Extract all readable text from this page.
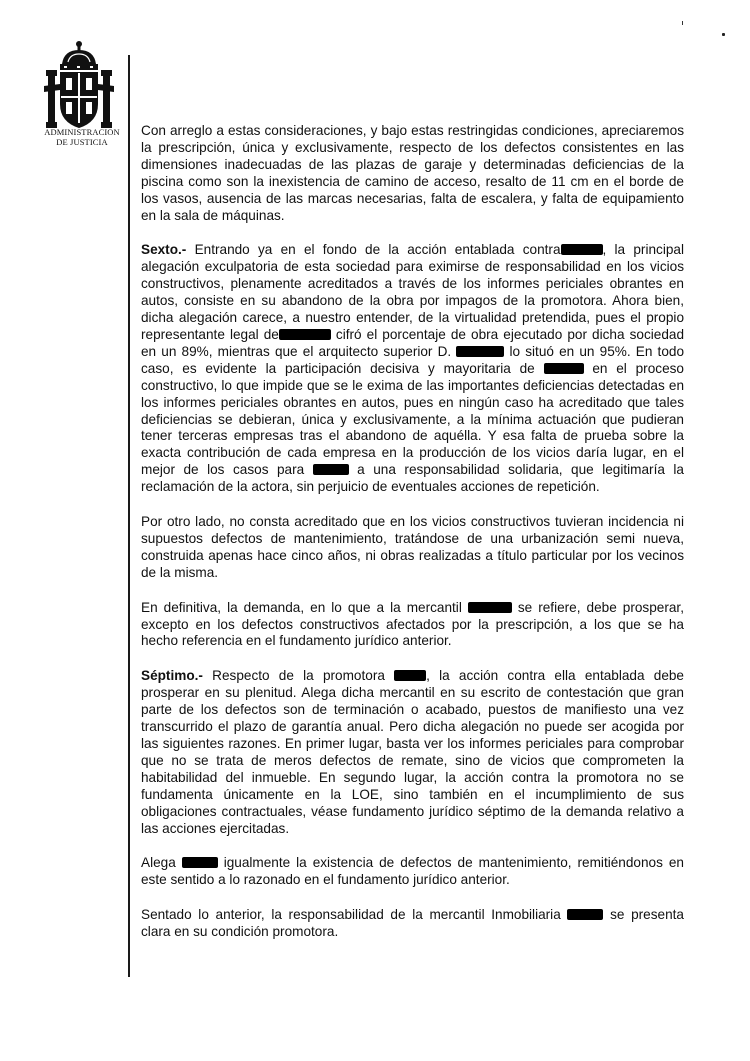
ADMINISTRACION DE JUSTICIA

Con arreglo a estas consideraciones, y bajo estas restringidas condiciones, apreciaremos la prescripción, única y exclusivamente, respecto de los defectos consistentes en las dimensiones inadecuadas de las plazas de garaje y determinadas deficiencias de la piscina como son la inexistencia de camino de acceso, resalto de 11 cm en el borde de los vasos, ausencia de las marcas necesarias, falta de escalera, y falta de equipamiento en la sala de máquinas.

Sexto.- Entrando ya en el fondo de la acción entablada contra	, la principal alegación exculpatoria de esta sociedad para eximirse de responsabilidad en los vicios constructivos, plenamente acreditados a través de los informes periciales obrantes en autos, consiste en su abandono de la obra por impagos de la promotora. Ahora bien, dicha alegación carece, a nuestro entender, de la virtualidad pretendida, pues el propio representante legal de	cifró el porcentaje de obra ejecutado por dicha sociedad en un 89%, mientras que el arquitecto superior D.	lo situó en un 95%. En todo caso, es evidente la participación decisiva y mayoritaria de	en el proceso constructivo, lo que impide que se le exima de las importantes deficiencias detectadas en los informes periciales obrantes en autos, pues en ningún caso ha acreditado que tales deficiencias se debieran, única y exclusivamente, a la mínima actuación que pudieran tener terceras empresas tras el abandono de aquélla. Y esa falta de prueba sobre la exacta contribución de cada empresa en la producción de los vicios daría lugar, en el mejor de los casos para	a una responsabilidad solidaria, que legitimaría la reclamación de la actora, sin perjuicio de eventuales acciones de repetición.

Por otro lado, no consta acreditado que en los vicios constructivos tuvieran incidencia ni supuestos defectos de mantenimiento, tratándose de una urbanización semi nueva, construida apenas hace cinco años, ni obras realizadas a título particular por los vecinos de la misma.

En definitiva, la demanda, en lo que a la mercantil	se refiere, debe prosperar, excepto en los defectos constructivos afectados por la prescripción, a los que se ha hecho referencia en el fundamento jurídico anterior.

Séptimo.- Respecto de la promotora , la acción contra ella entablada debe prosperar en su plenitud. Alega dicha mercantil en su escrito de contestación que gran parte de los defectos son de terminación o acabado, puestos de manifiesto una vez transcurrido el plazo de garantía anual. Pero dicha alegación no puede ser acogida por las siguientes razones. En primer lugar, basta ver los informes periciales para comprobar que no se trata de meros defectos de remate, sino de vicios que comprometen la habitabilidad del inmueble. En segundo lugar, la acción contra la promotora no se fundamenta únicamente en la LOE, sino también en el incumplimiento de sus obligaciones contractuales, véase fundamento jurídico séptimo de la demanda relativo a las acciones ejercitadas.

Alega	igualmente la existencia de defectos de mantenimiento, remitiéndonos en este sentido a lo razonado en el fundamento jurídico anterior.

Sentado lo anterior, la responsabilidad de la mercantil Inmobiliaria	se presenta clara en su condición promotora.
